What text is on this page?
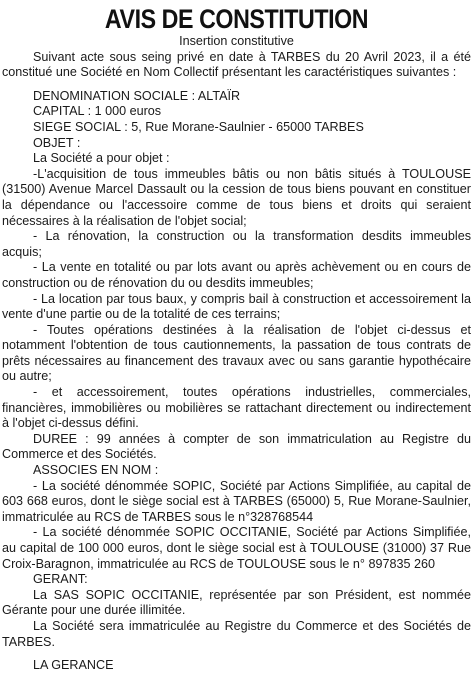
AVIS DE CONSTITUTION

Insertion constitutive

Suivant acte sous seing privé en date à TARBES du 20 Avril 2023, il a été constitué une Société en Nom Collectif présentant les caractéristiques suivantes :

DENOMINATION SOCIALE : ALTAÏR

CAPITAL : 1 000 euros

SIEGE SOCIAL : 5, Rue Morane-Saulnier - 65000 TARBES

OBJET :

La Société a pour objet :

-L'acquisition de tous immeubles bâtis ou non bâtis situés à TOULOUSE (31500) Avenue Marcel Dassault ou la cession de tous biens pouvant en constituer la dépendance ou l'accessoire comme de tous biens et droits qui seraient nécessaires à la réalisation de l'objet social;

- La rénovation, la construction ou la transformation desdits immeubles acquis;

- La vente en totalité ou par lots avant ou après achèvement ou en cours de construction ou de rénovation du ou desdits immeubles;

- La location par tous baux, y compris bail à construction et accessoirement la vente d'une partie ou de la totalité de ces terrains;

- Toutes opérations destinées à la réalisation de l'objet ci-dessus et notamment l'obtention de tous cautionnements, la passation de tous contrats de prêts nécessaires au financement des travaux avec ou sans garantie hypothécaire ou autre;

- et accessoirement, toutes opérations industrielles, commerciales, financières, immobilières ou mobilières se rattachant directement ou indirectement à l'objet ci-dessus défini.

DUREE : 99 années à compter de son immatriculation au Registre du Commerce et des Sociétés.

ASSOCIES EN NOM :

- La société dénommée SOPIC, Société par Actions Simplifiée, au capital de 603 668 euros, dont le siège social est à TARBES (65000) 5, Rue Morane-Saulnier, immatriculée au RCS de TARBES sous le n°328768544

- La société dénommée SOPIC OCCITANIE, Société par Actions Simplifiée, au capital de 100 000 euros, dont le siège social est à TOULOUSE (31000) 37 Rue Croix-Baragnon, immatriculée au RCS de TOULOUSE sous le n° 897835 260

GERANT:

La SAS SOPIC OCCITANIE, représentée par son Président, est nommée Gérante pour une durée illimitée.

La Société sera immatriculée au Registre du Commerce et des Sociétés de TARBES.

LA GERANCE
